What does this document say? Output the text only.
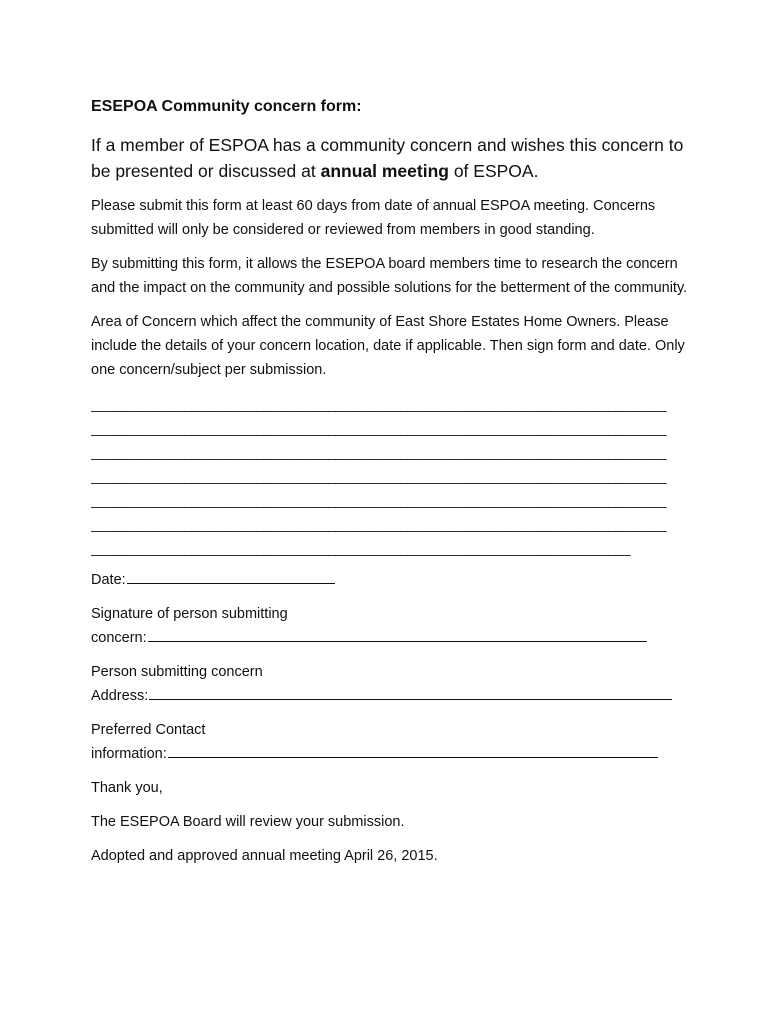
ESEPOA Community concern form:

If a member of ESPOA has a community concern and wishes this concern to be presented or discussed at annual meeting of ESPOA.

Please submit this form at least 60 days from date of annual ESPOA meeting. Concerns submitted will only be considered or reviewed from members in good standing.

By submitting this form, it allows the ESEPOA board members time to research the concern and the impact on the community and possible solutions for the betterment of the community.

Area of Concern which affect the community of East Shore Estates Home Owners. Please include the details of your concern location, date if applicable. Then sign form and date. Only one concern/subject per submission.

________________________________________________________________________________
________________________________________________________________________________
________________________________________________________________________________
________________________________________________________________________________
________________________________________________________________________________
________________________________________________________________________________
___________________________________________________________________________
Date:
Signature of person submitting
concern:
Person submitting concern
Address:
Preferred Contact
information:

Thank you,

The ESEPOA Board will review your submission.

Adopted and approved annual meeting April 26, 2015.
